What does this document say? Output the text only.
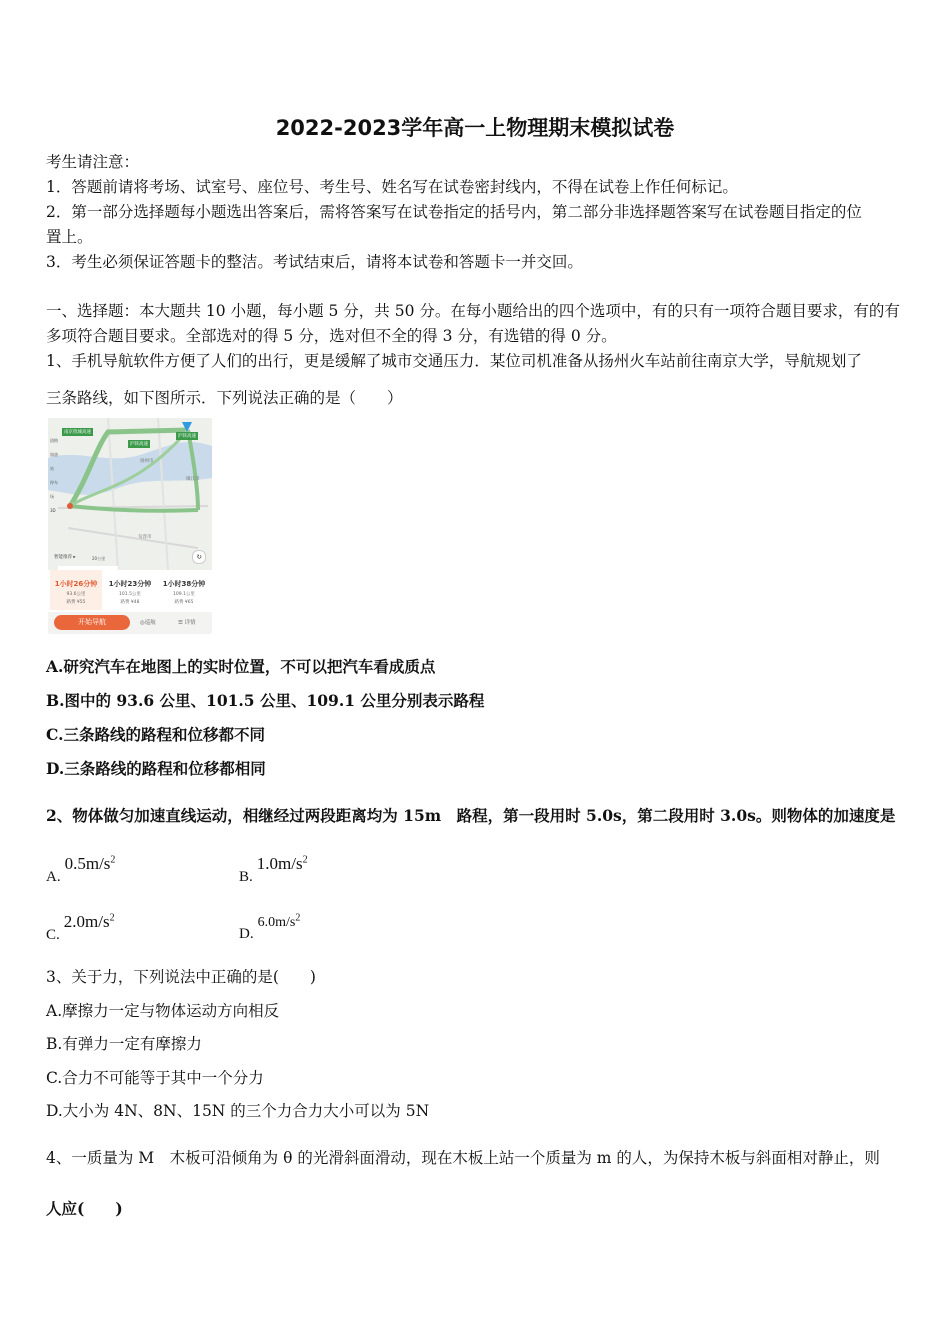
2022-2023学年高一上物理期末模拟试卷
考生请注意：
1．答题前请将考场、试室号、座位号、考生号、姓名写在试卷密封线内，不得在试卷上作任何标记。
2．第一部分选择题每小题选出答案后，需将答案写在试卷指定的括号内，第二部分非选择题答案写在试卷题目指定的位
置上。
3．考生必须保证答题卡的整洁。考试结束后，请将本试卷和答题卡一并交回。
一、选择题：本大题共 10 小题，每小题 5 分，共 50 分。在每小题给出的四个选项中，有的只有一项符合题目要求，有的有
多项符合题目要求。全部选对的得 5 分，选对但不全的得 3 分，有选错的得 0 分。
1、手机导航软件方便了人们的出行，更是缓解了城市交通压力．某位司机准备从扬州火车站前往南京大学，导航规划了
三条路线，如下图所示．下列说法正确的是（　　）
团购
加油站
停车场
3D
南京绕城高速
沪陕高速
沪陕高速
扬州市
镇江市
句容市
智能推荐 ▸	20公里	↻
1小时26分钟
93.6公里
路费 ¥55
1小时23分钟
101.5公里
路费 ¥48
1小时38分钟
109.1公里
路费 ¥65
开始导航	◎巡航	☰ 详情
A.研究汽车在地图上的实时位置，不可以把汽车看成质点
B.图中的 93.6 公里、101.5 公里、109.1 公里分别表示路程
C.三条路线的路程和位移都不同
D.三条路线的路程和位移都相同
2、物体做匀加速直线运动，相继经过两段距离均为 15m　路程，第一段用时 5.0s，第二段用时 3.0s。则物体的加速度是
$A.0.5m/s^2$
$B.1.0m/s^2$
$C.2.0m/s^2$
$D.6.0m/s^2$
3、关于力，下列说法中正确的是(　　)
A.摩擦力一定与物体运动方向相反
B.有弹力一定有摩擦力
C.合力不可能等于其中一个分力
D.大小为 4N、8N、15N 的三个力合力大小可以为 5N
4、一质量为 M　木板可沿倾角为 θ 的光滑斜面滑动，现在木板上站一个质量为 m 的人，为保持木板与斜面相对静止，则
人应(　　)
